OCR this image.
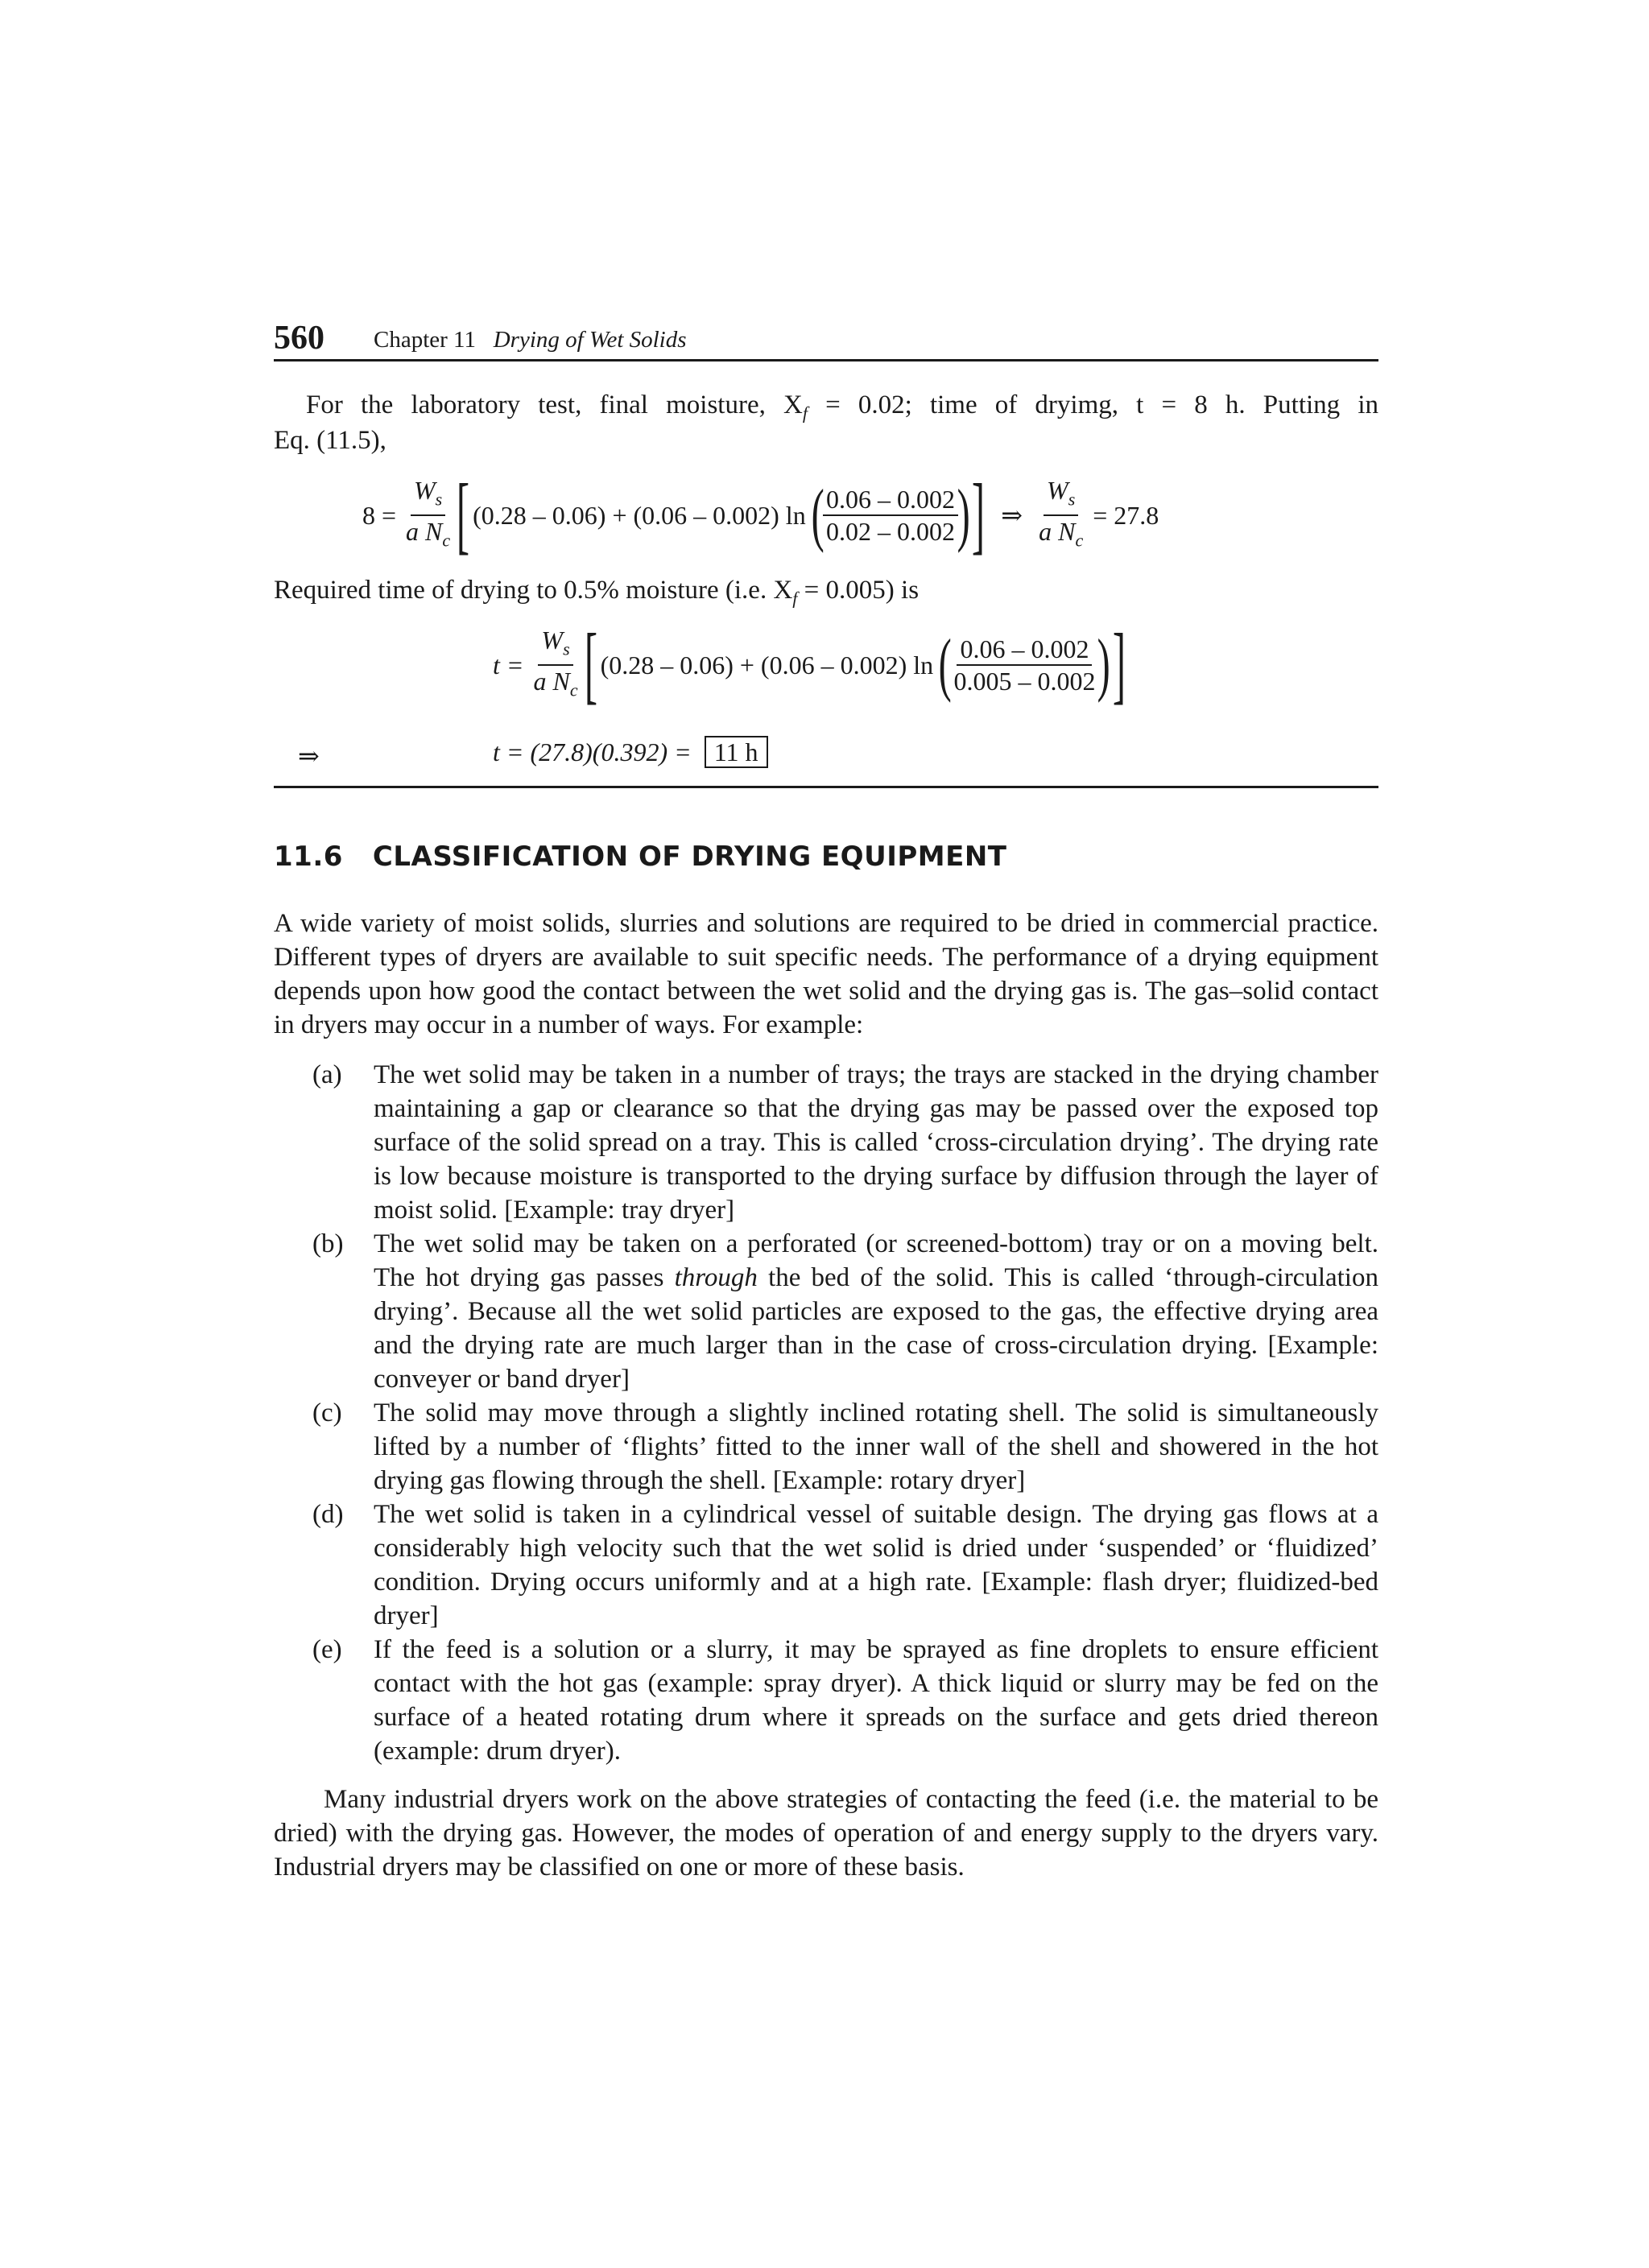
560 Chapter 11 Drying of Wet Solids
For the laboratory test, final moisture, $X_f = 0.02$; time of dryimg, t = 8 h. Putting in
Eq. (11.5),
8 =
$\frac{W_s}{a N_c}$ [ (0.28 – 0.06) + (0.06 – 0.002) ln
(
$\frac{0.06 - 0.002}{0.02 - 0.002}$
) ]
⇒
$\frac{W_s}{a N_c}$
= 27.8
Required time of drying to 0.5% moisture (i.e. $X_f = 0.005$) is
t =
$\frac{W_s}{a N_c}$ [ (0.28 – 0.06) + (0.06 – 0.002) ln
(
$\frac{0.06 - 0.002}{0.005 - 0.002}$
) ]
⇒	t = (27.8)(0.392) = 11 h
11.6 CLASSIFICATION OF DRYING EQUIPMENT
A wide variety of moist solids, slurries and solutions are required to be dried in commercial practice. Different types of dryers are available to suit specific needs. The performance of a drying equipment depends upon how good the contact between the wet solid and the drying gas is. The gas–solid contact in dryers may occur in a number of ways. For example:
(a) The wet solid may be taken in a number of trays; the trays are stacked in the drying chamber maintaining a gap or clearance so that the drying gas may be passed over the exposed top surface of the solid spread on a tray. This is called ‘cross-circulation drying’. The drying rate is low because moisture is transported to the drying surface by diffusion through the layer of moist solid. [Example: tray dryer]
(b) The wet solid may be taken on a perforated (or screened-bottom) tray or on a moving belt. The hot drying gas passes through the bed of the solid. This is called ‘through-circulation drying’. Because all the wet solid particles are exposed to the gas, the effective drying area and the drying rate are much larger than in the case of cross-circulation drying. [Example: conveyer or band dryer]
(c) The solid may move through a slightly inclined rotating shell. The solid is simultaneously lifted by a number of ‘flights’ fitted to the inner wall of the shell and showered in the hot drying gas flowing through the shell. [Example: rotary dryer]
(d) The wet solid is taken in a cylindrical vessel of suitable design. The drying gas flows at a considerably high velocity such that the wet solid is dried under ‘suspended’ or ‘fluidized’ condition. Drying occurs uniformly and at a high rate. [Example: flash dryer; fluidized-bed dryer]
(e) If the feed is a solution or a slurry, it may be sprayed as fine droplets to ensure efficient contact with the hot gas (example: spray dryer). A thick liquid or slurry may be fed on the surface of a heated rotating drum where it spreads on the surface and gets dried thereon (example: drum dryer).
Many industrial dryers work on the above strategies of contacting the feed (i.e. the material to be dried) with the drying gas. However, the modes of operation of and energy supply to the dryers vary. Industrial dryers may be classified on one or more of these basis.
